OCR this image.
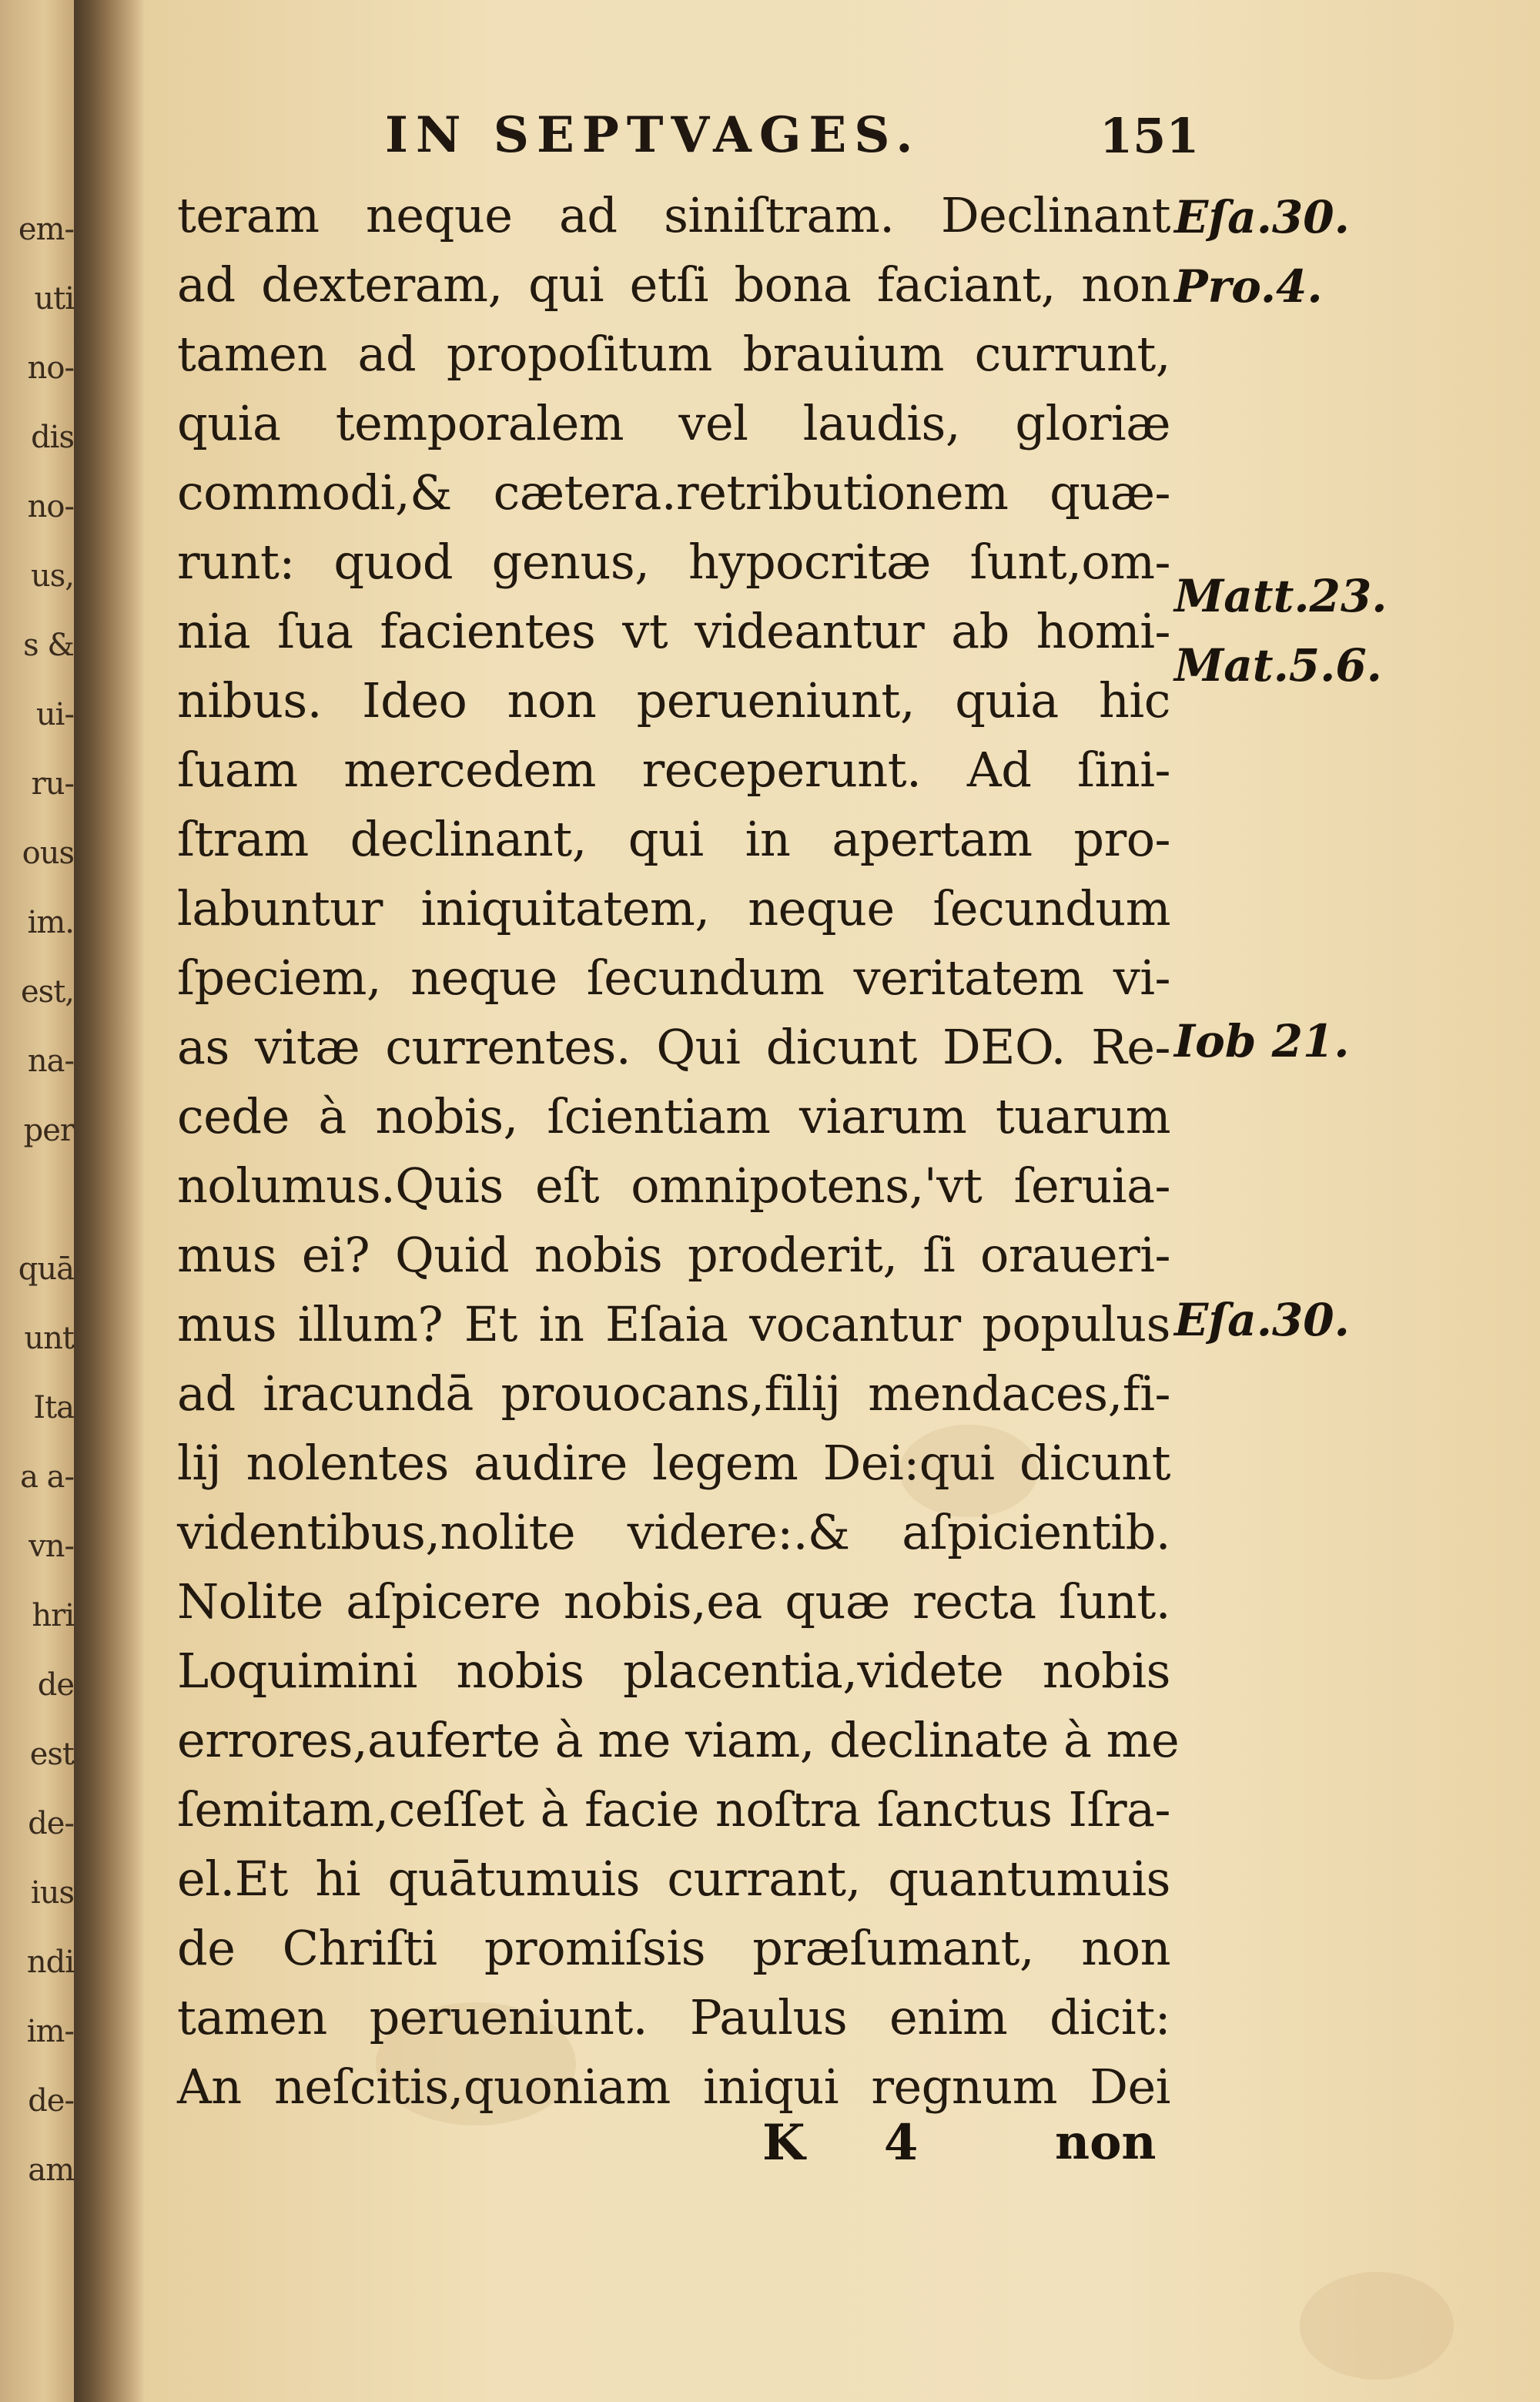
em-
uti
no-
dis
no-
us,
s &
ui-
ru-
ous
im.
est,
na-
per
quā
unt
Ita
a a-
vn-
hri
de
est
de-
ius
ndi
im-
de-
am
IN SEPTVAGES.	151
teram neque ad siniſtram. Declinant
ad dexteram, qui etſi bona faciant, non
tamen ad propoſitum brauium currunt,
quia temporalem vel laudis, gloriæ
commodi,& cætera.retributionem quæ-
runt: quod genus, hypocritæ ſunt,om-
nia ſua facientes vt videantur ab homi-
nibus. Ideo non perueniunt, quia hic
ſuam mercedem receperunt. Ad ſini-
ſtram declinant, qui in apertam pro-
labuntur iniquitatem, neque ſecundum
ſpeciem, neque ſecundum veritatem vi-
as vitæ currentes. Qui dicunt DEO. Re-
cede à nobis, ſcientiam viarum tuarum
nolumus.Quis eſt omnipotens,'vt ſeruia-
mus ei? Quid nobis proderit, ſi oraueri-
mus illum? Et in Eſaia vocantur populus
ad iracundā prouocans,filij mendaces,fi-
lij nolentes audire legem Dei:qui dicunt
videntibus,nolite videre:.& aſpicientib.
Nolite aſpicere nobis,ea quæ recta ſunt.
Loquimini nobis placentia,videte nobis
errores,auferte à me viam, declinate à me
ſemitam,ceſſet à facie noſtra ſanctus Iſra-
el.Et hi quātumuis currant, quantumuis
de Chriſti promiſsis præſumant, non
tamen perueniunt. Paulus enim dicit:
An neſcitis,quoniam iniqui regnum Dei
Eſa.30.
Pro.4.
Matt.23.
Mat.5.6.
Iob 21.
Eſa.30.
K 4	non
